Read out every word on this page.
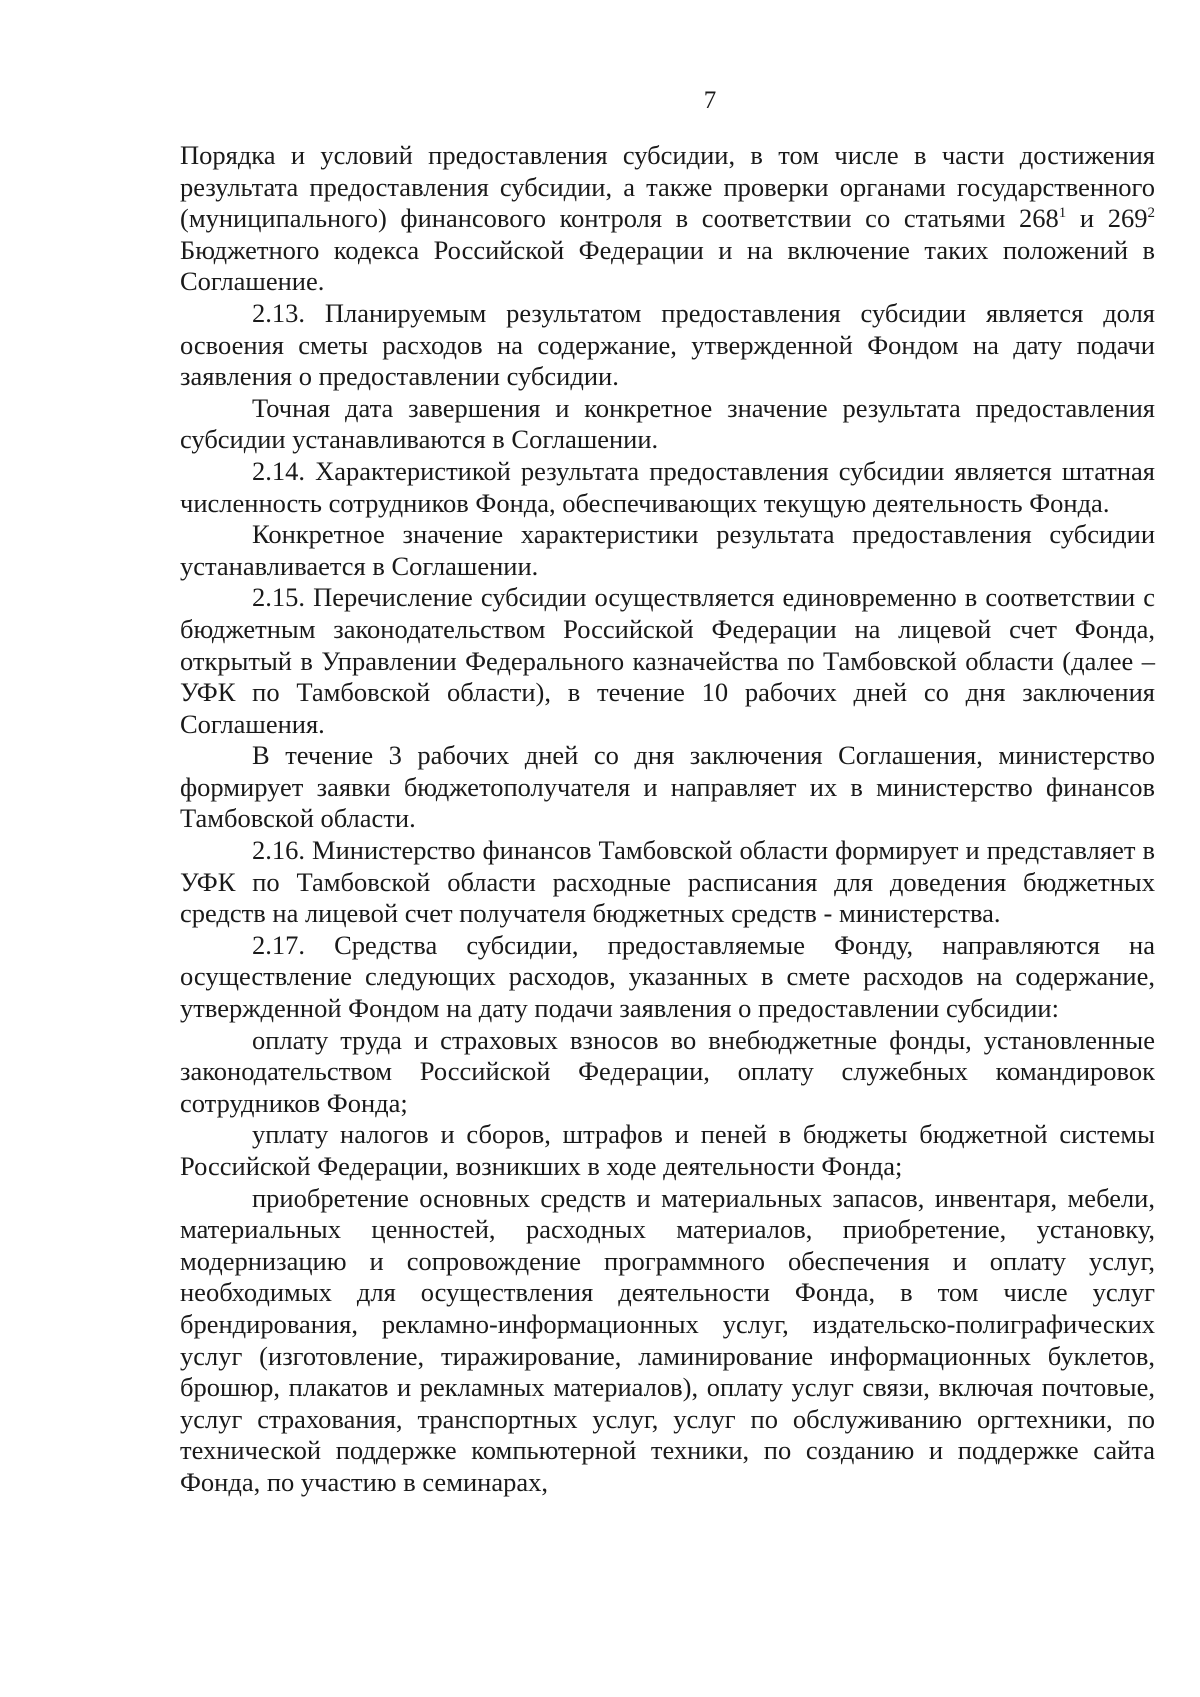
7

Порядка и условий предоставления субсидии, в том числе в части достижения результата предоставления субсидии, а также проверки органами государственного (муниципального) финансового контроля в соответствии со статьями $268^1$ и $269^2$ Бюджетного кодекса Российской Федерации и на включение таких положений в Соглашение.

2.13. Планируемым результатом предоставления субсидии является доля освоения сметы расходов на содержание, утвержденной Фондом на дату подачи заявления о предоставлении субсидии.

Точная дата завершения и конкретное значение результата предоставления субсидии устанавливаются в Соглашении.

2.14. Характеристикой результата предоставления субсидии является штатная численность сотрудников Фонда, обеспечивающих текущую деятельность Фонда.

Конкретное значение характеристики результата предоставления субсидии устанавливается в Соглашении.

2.15. Перечисление субсидии осуществляется единовременно в соответствии с бюджетным законодательством Российской Федерации на лицевой счет Фонда, открытый в Управлении Федерального казначейства по Тамбовской области (далее – УФК по Тамбовской области), в течение 10 рабочих дней со дня заключения Соглашения.

В течение 3 рабочих дней со дня заключения Соглашения, министерство формирует заявки бюджетополучателя и направляет их в министерство финансов Тамбовской области.

2.16. Министерство финансов Тамбовской области формирует и представляет в УФК по Тамбовской области расходные расписания для доведения бюджетных средств на лицевой счет получателя бюджетных средств - министерства.

2.17. Средства субсидии, предоставляемые Фонду, направляются на осуществление следующих расходов, указанных в смете расходов на содержание, утвержденной Фондом на дату подачи заявления о предоставлении субсидии:

оплату труда и страховых взносов во внебюджетные фонды, установленные законодательством Российской Федерации, оплату служебных командировок сотрудников Фонда;

уплату налогов и сборов, штрафов и пеней в бюджеты бюджетной системы Российской Федерации, возникших в ходе деятельности Фонда;

приобретение основных средств и материальных запасов, инвентаря, мебели, материальных ценностей, расходных материалов, приобретение, установку, модернизацию и сопровождение программного обеспечения и оплату услуг, необходимых для осуществления деятельности Фонда, в том числе услуг брендирования, рекламно-информационных услуг, издательско-полиграфических услуг (изготовление, тиражирование, ламинирование информационных буклетов, брошюр, плакатов и рекламных материалов), оплату услуг связи, включая почтовые, услуг страхования, транспортных услуг, услуг по обслуживанию оргтехники, по технической поддержке компьютерной техники, по созданию и поддержке сайта Фонда, по участию в семинарах,
